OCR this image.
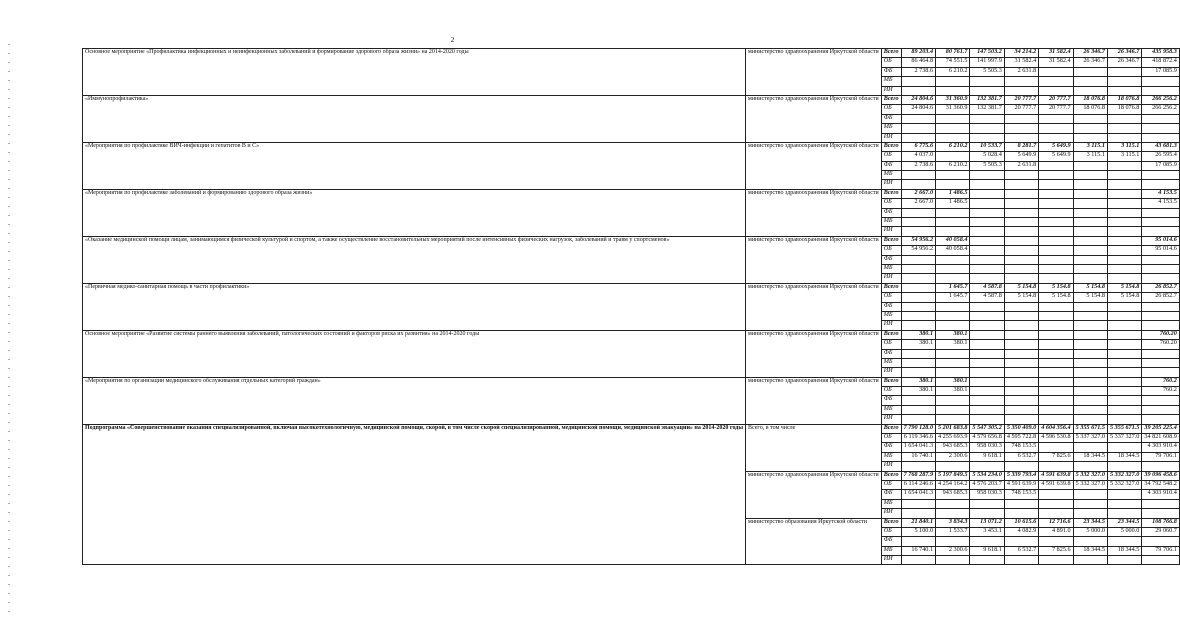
2
Основное мероприятие «Профилактика инфекционных и неинфекционных заболеваний и формирование здорового образа жизни» на 2014-2020 годы	министерство здравоохранения Иркутской области	Всего	89 203.4	80 761.7	147 503.2	34 214.2	31 582.4	26 346.7	26 346.7	435 958.3
		ОБ	86 464.8	74 551.5	141 997.9	31 582.4	31 582.4	26 346.7	26 346.7	418 872.4
		ФБ	2 738.6	6 210.2	5 505.3	2 631.8				17 085.9
		МБ								
		ИИ								
«Иммунопрофилактика»	министерство здравоохранения Иркутской области	Всего	24 804.6	31 360.9	132 381.7	20 777.7	20 777.7	18 076.8	18 076.8	266 256.2
		ОБ	24 804.6	31 360.9	132 381.7	20 777.7	20 777.7	18 076.8	18 076.8	266 256.2
		ФБ								
		МБ								
		ИИ								
«Мероприятия по профилактике ВИЧ-инфекции и гепатитов В и С»	министерство здравоохранения Иркутской области	Всего	6 775.6	6 210.2	10 533.7	8 281.7	5 649.9	3 115.1	3 115.1	43 681.3
		ОБ	4 037.0		5 028.4	5 649.9	5 649.9	3 115.1	3 115.1	26 595.4
		ФБ	2 738.6	6 210.2	5 505.3	2 631.8				17 085.9
		МБ								
		ИИ								
«Мероприятия по профилактике заболеваний и формированию здорового образа жизни»	министерство здравоохранения Иркутской области	Всего	2 667.0	1 486.5						4 153.5
		ОБ	2 667.0	1 486.5						4 153.5
		ФБ								
		МБ								
		ИИ								
«Оказание медицинской помощи лицам, занимающимся физической культурой и спортом, а также осуществление восстановительных мероприятий после интенсивных физических нагрузок, заболеваний и травм у спортсменов»	министерство здравоохранения Иркутской области	Всего	54 956.2	40 058.4						95 014.6
		ОБ	54 956.2	40 058.4						95 014.6
		ФБ								
		МБ								
		ИИ								
«Первичная медико-санитарная помощь в части профилактики»	министерство здравоохранения Иркутской области	Всего		1 645.7	4 587.8	5 154.8	5 154.8	5 154.8	5 154.8	26 852.7
		ОБ		1 645.7	4 587.8	5 154.8	5 154.8	5 154.8	5 154.8	26 852.7
		ФБ								
		МБ								
		ИИ								
Основное мероприятие «Развитие системы раннего выявления заболеваний, патологических состояний и факторов риска их развития» на 2014-2020 годы	министерство здравоохранения Иркутской области	Всего	380.1	380.1						760.20
		ОБ	380.1	380.1						760.20
		ФБ								
		МБ								
		ИИ								
«Мероприятия по организации медицинского обслуживания отдельных категорий граждан»	министерство здравоохранения Иркутской области	Всего	380.1	380.1						760.2
		ОБ	380.1	380.1						760.2
		ФБ								
		МБ								
		ИИ								
Подпрограмма «Совершенствование оказания специализированной, включая высокотехнологичную, медицинской помощи, скорой, в том числе скорой специализированной, медицинской помощи, медицинской эвакуации» на 2014-2020 годы	Всего, в том числе	Всего	7 790 128.0	5 201 683.8	5 547 305.2	5 350 409.0	4 604 356.4	5 355 671.5	5 355 671.5	39 205 225.4
		ОБ	6 119 346.6	4 255 693.9	4 579 656.8	4 595 722.8	4 596 530.8	5 337 327.0	5 337 327.0	34 821 608.9
		ФБ	1 654 041.3	943 685.3	958 030.3	748 153.5				4 303 910.4
		МБ	16 740.1	2 300.6	9 618.1	6 532.7	7 825.6	18 344.5	18 344.5	79 706.1
		ИИ								
	министерство здравоохранения Иркутской области	Всего	7 768 287.9	5 197 849.5	5 534 234.0	5 339 793.4	4 591 639.8	5 332 327.0	5 332 327.0	39 096 458.6
		ОБ	6 114 246.6	4 254 164.2	4 576 203.7	4 591 639.9	4 591 639.8	5 332 327.0	5 332 327.0	34 792 548.2
		ФБ	1 654 041.3	943 685.3	958 030.3	748 153.5				4 303 910.4
		МБ								
		ИИ								
	министерство образования Иркутской области	Всего	21 840.1	3 834.3	13 071.2	10 615.6	12 716.6	23 344.5	23 344.5	108 766.8
		ОБ	5 100.0	1 533.7	3 453.1	4 082.9	4 891.0	5 000.0	5 000.0	29 060.7
		ФБ								
		МБ	16 740.1	2 300.6	9 618.1	6 532.7	7 825.6	18 344.5	18 344.5	79 706.1
		ИИ								
